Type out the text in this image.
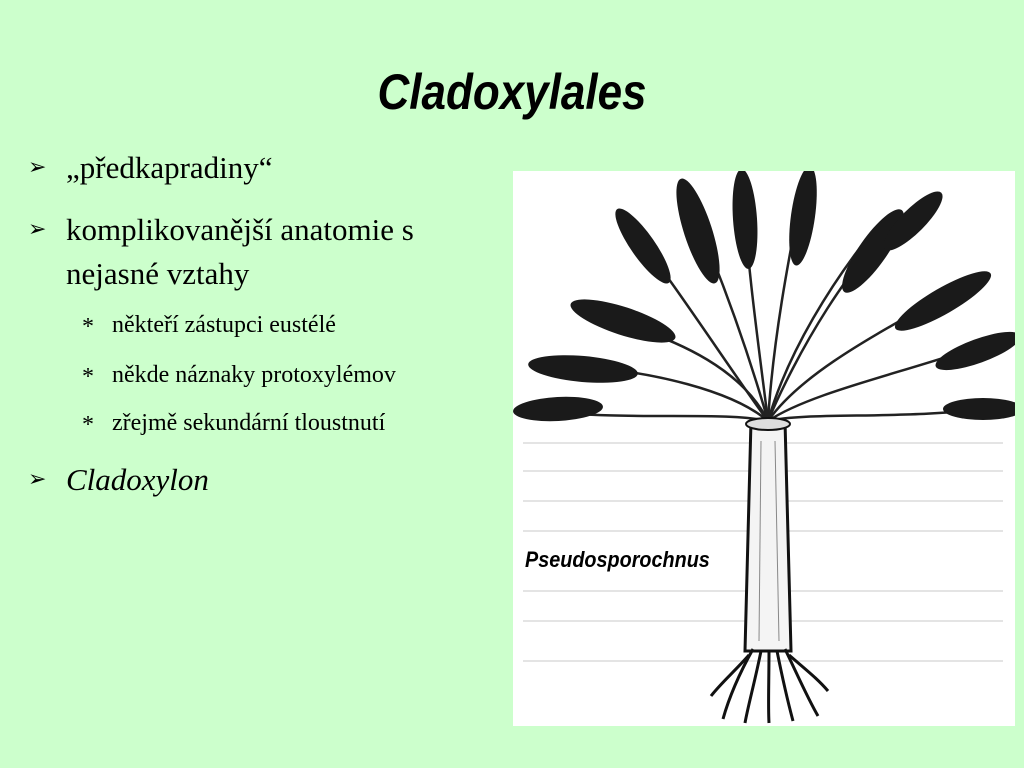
Cladoxylales
➢ „předkapradiny“
➢ komplikovanější anatomie s
nejasné vztahy
* někteří zástupci eustélé
* někde náznaky protoxylémov
* zřejmě sekundární tloustnutí
➢ Cladoxylon
Pseudosporochnus
